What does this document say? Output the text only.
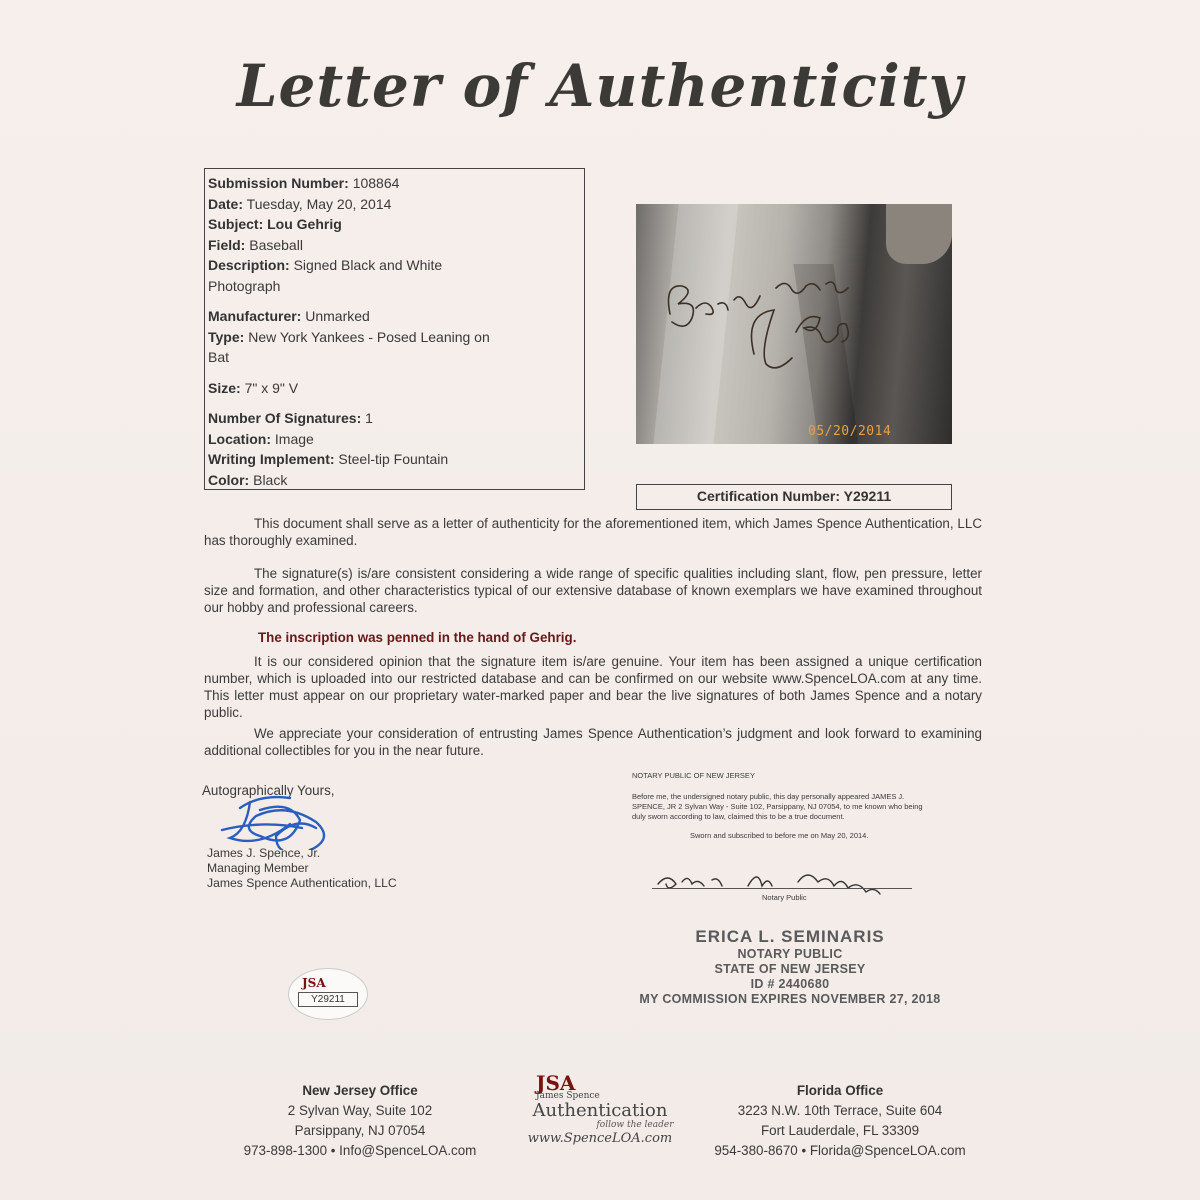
Letter of Authenticity

Submission Number: 108864

Date: Tuesday, May 20, 2014

Subject: Lou Gehrig

Field: Baseball

Description: Signed Black and White Photograph

Manufacturer: Unmarked

Type: New York Yankees - Posed Leaning on Bat

Size: 7" x 9" V

Number Of Signatures: 1

Location: Image

Writing Implement: Steel-tip Fountain

Color: Black

05/20/2014
Certification Number: Y29211

This document shall serve as a letter of authenticity for the aforementioned item, which James Spence Authentication, LLC has thoroughly examined.

The signature(s) is/are consistent considering a wide range of specific qualities including slant, flow, pen pressure, letter size and formation, and other characteristics typical of our extensive database of known exemplars we have examined throughout our hobby and professional careers.

The inscription was penned in the hand of Gehrig.

It is our considered opinion that the signature item is/are genuine. Your item has been assigned a unique certification number, which is uploaded into our restricted database and can be confirmed on our website www.SpenceLOA.com at any time. This letter must appear on our proprietary water-marked paper and bear the live signatures of both James Spence and a notary public.

We appreciate your consideration of entrusting James Spence Authentication’s judgment and look forward to examining additional collectibles for you in the near future.

Autographically Yours,
James J. Spence, Jr.
Managing Member
James Spence Authentication, LLC
NOTARY PUBLIC OF NEW JERSEY
Before me, the undersigned notary public, this day personally appeared JAMES J. SPENCE, JR 2 Sylvan Way - Suite 102, Parsippany, NJ 07054, to me known who being duly sworn according to law, claimed this to be a true document.
Sworn and subscribed to before me on May 20, 2014.
Notary Public
ERICA L. SEMINARIS
NOTARY PUBLIC
STATE OF NEW JERSEY
ID # 2440680
MY COMMISSION EXPIRES NOVEMBER 27, 2018
JSA
Y29211
New Jersey Office
2 Sylvan Way, Suite 102
Parsippany, NJ 07054
973-898-1300 • Info@SpenceLOA.com
JSA
James Spence
Authentication
follow the leader
www.SpenceLOA.com
Florida Office
3223 N.W. 10th Terrace, Suite 604
Fort Lauderdale, FL 33309
954-380-8670 • Florida@SpenceLOA.com
